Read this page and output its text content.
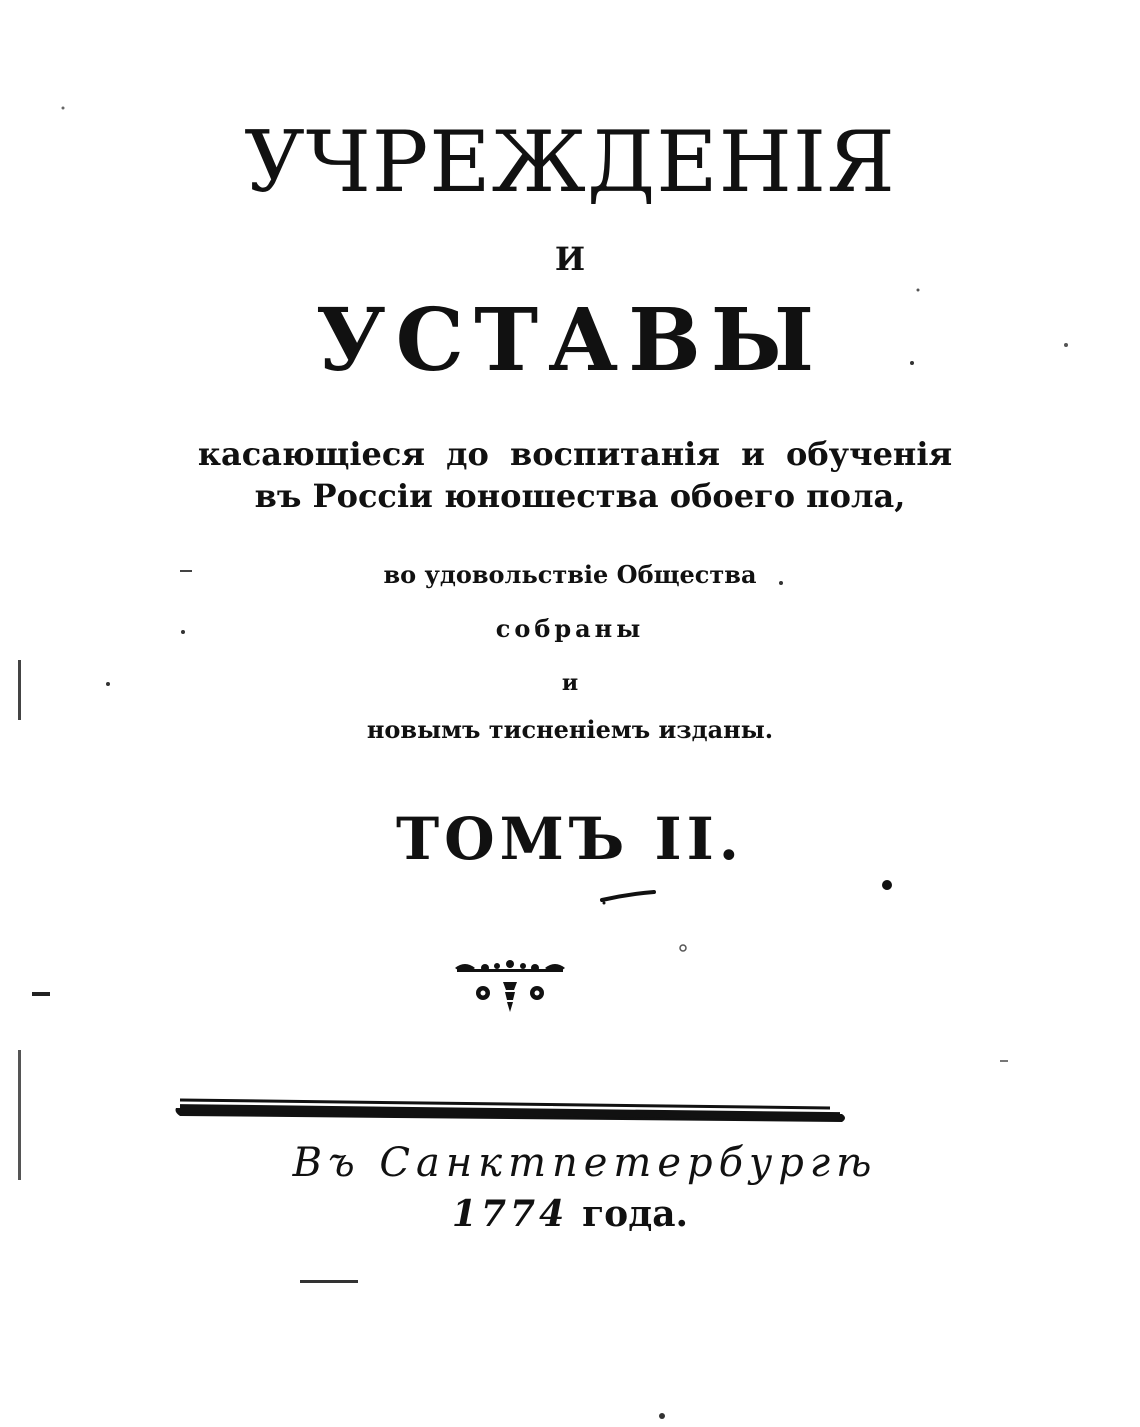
УЧРЕЖДЕНІЯ
И
УСТАВЫ
касающіеся до воспитанія и обученія
въ Россіи юношества обоего пола,
во удовольствіе Общества
собраны
и
новымъ тисненіемъ изданы.
ТОМЪ II.
Въ Санктпетербургѣ
1774 года.
